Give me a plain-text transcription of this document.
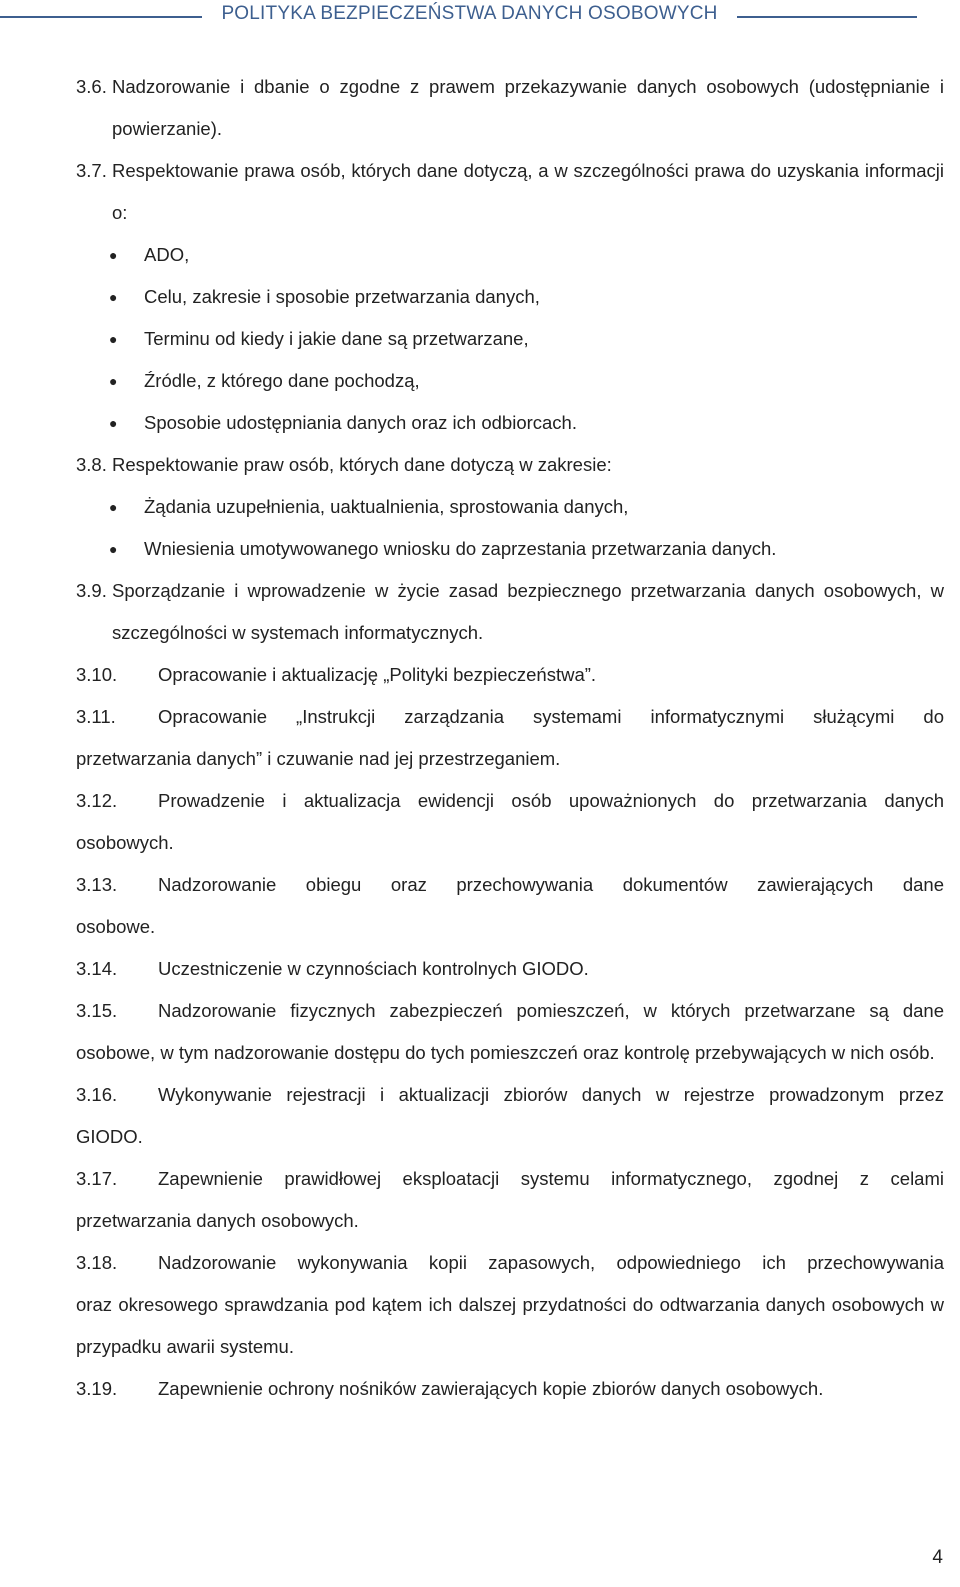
POLITYKA BEZPIECZEŃSTWA DANYCH OSOBOWYCH
3.6. Nadzorowanie i dbanie o zgodne z prawem przekazywanie danych osobowych (udostępnianie i powierzanie).
3.7. Respektowanie prawa osób, których dane dotyczą, a w szczególności prawa do uzyskania informacji o:
● ADO,
● Celu, zakresie i sposobie przetwarzania danych,
● Terminu od kiedy i jakie dane są przetwarzane,
● Źródle, z którego dane pochodzą,
● Sposobie udostępniania danych oraz ich odbiorcach.
3.8. Respektowanie praw osób, których dane dotyczą w zakresie:
● Żądania uzupełnienia, uaktualnienia, sprostowania danych,
● Wniesienia umotywowanego wniosku do zaprzestania przetwarzania danych.
3.9. Sporządzanie i wprowadzenie w życie zasad bezpiecznego przetwarzania danych osobowych, w szczególności w systemach informatycznych.
3.10. Opracowanie i aktualizację „Polityki bezpieczeństwa”.
3.11. Opracowanie „Instrukcji zarządzania systemami informatycznymi służącymi do
przetwarzania danych” i czuwanie nad jej przestrzeganiem.
3.12. Prowadzenie i aktualizacja ewidencji osób upoważnionych do przetwarzania danych
osobowych.
3.13. Nadzorowanie obiegu oraz przechowywania dokumentów zawierających dane
osobowe.
3.14. Uczestniczenie w czynnościach kontrolnych GIODO.
3.15. Nadzorowanie fizycznych zabezpieczeń pomieszczeń, w których przetwarzane są dane
osobowe, w tym nadzorowanie dostępu do tych pomieszczeń oraz kontrolę przebywających w nich osób.
3.16. Wykonywanie rejestracji i aktualizacji zbiorów danych w rejestrze prowadzonym przez
GIODO.
3.17. Zapewnienie prawidłowej eksploatacji systemu informatycznego, zgodnej z celami
przetwarzania danych osobowych.
3.18. Nadzorowanie wykonywania kopii zapasowych, odpowiedniego ich przechowywania
oraz okresowego sprawdzania pod kątem ich dalszej przydatności do odtwarzania danych osobowych w przypadku awarii systemu.
3.19. Zapewnienie ochrony nośników zawierających kopie zbiorów danych osobowych.
4
